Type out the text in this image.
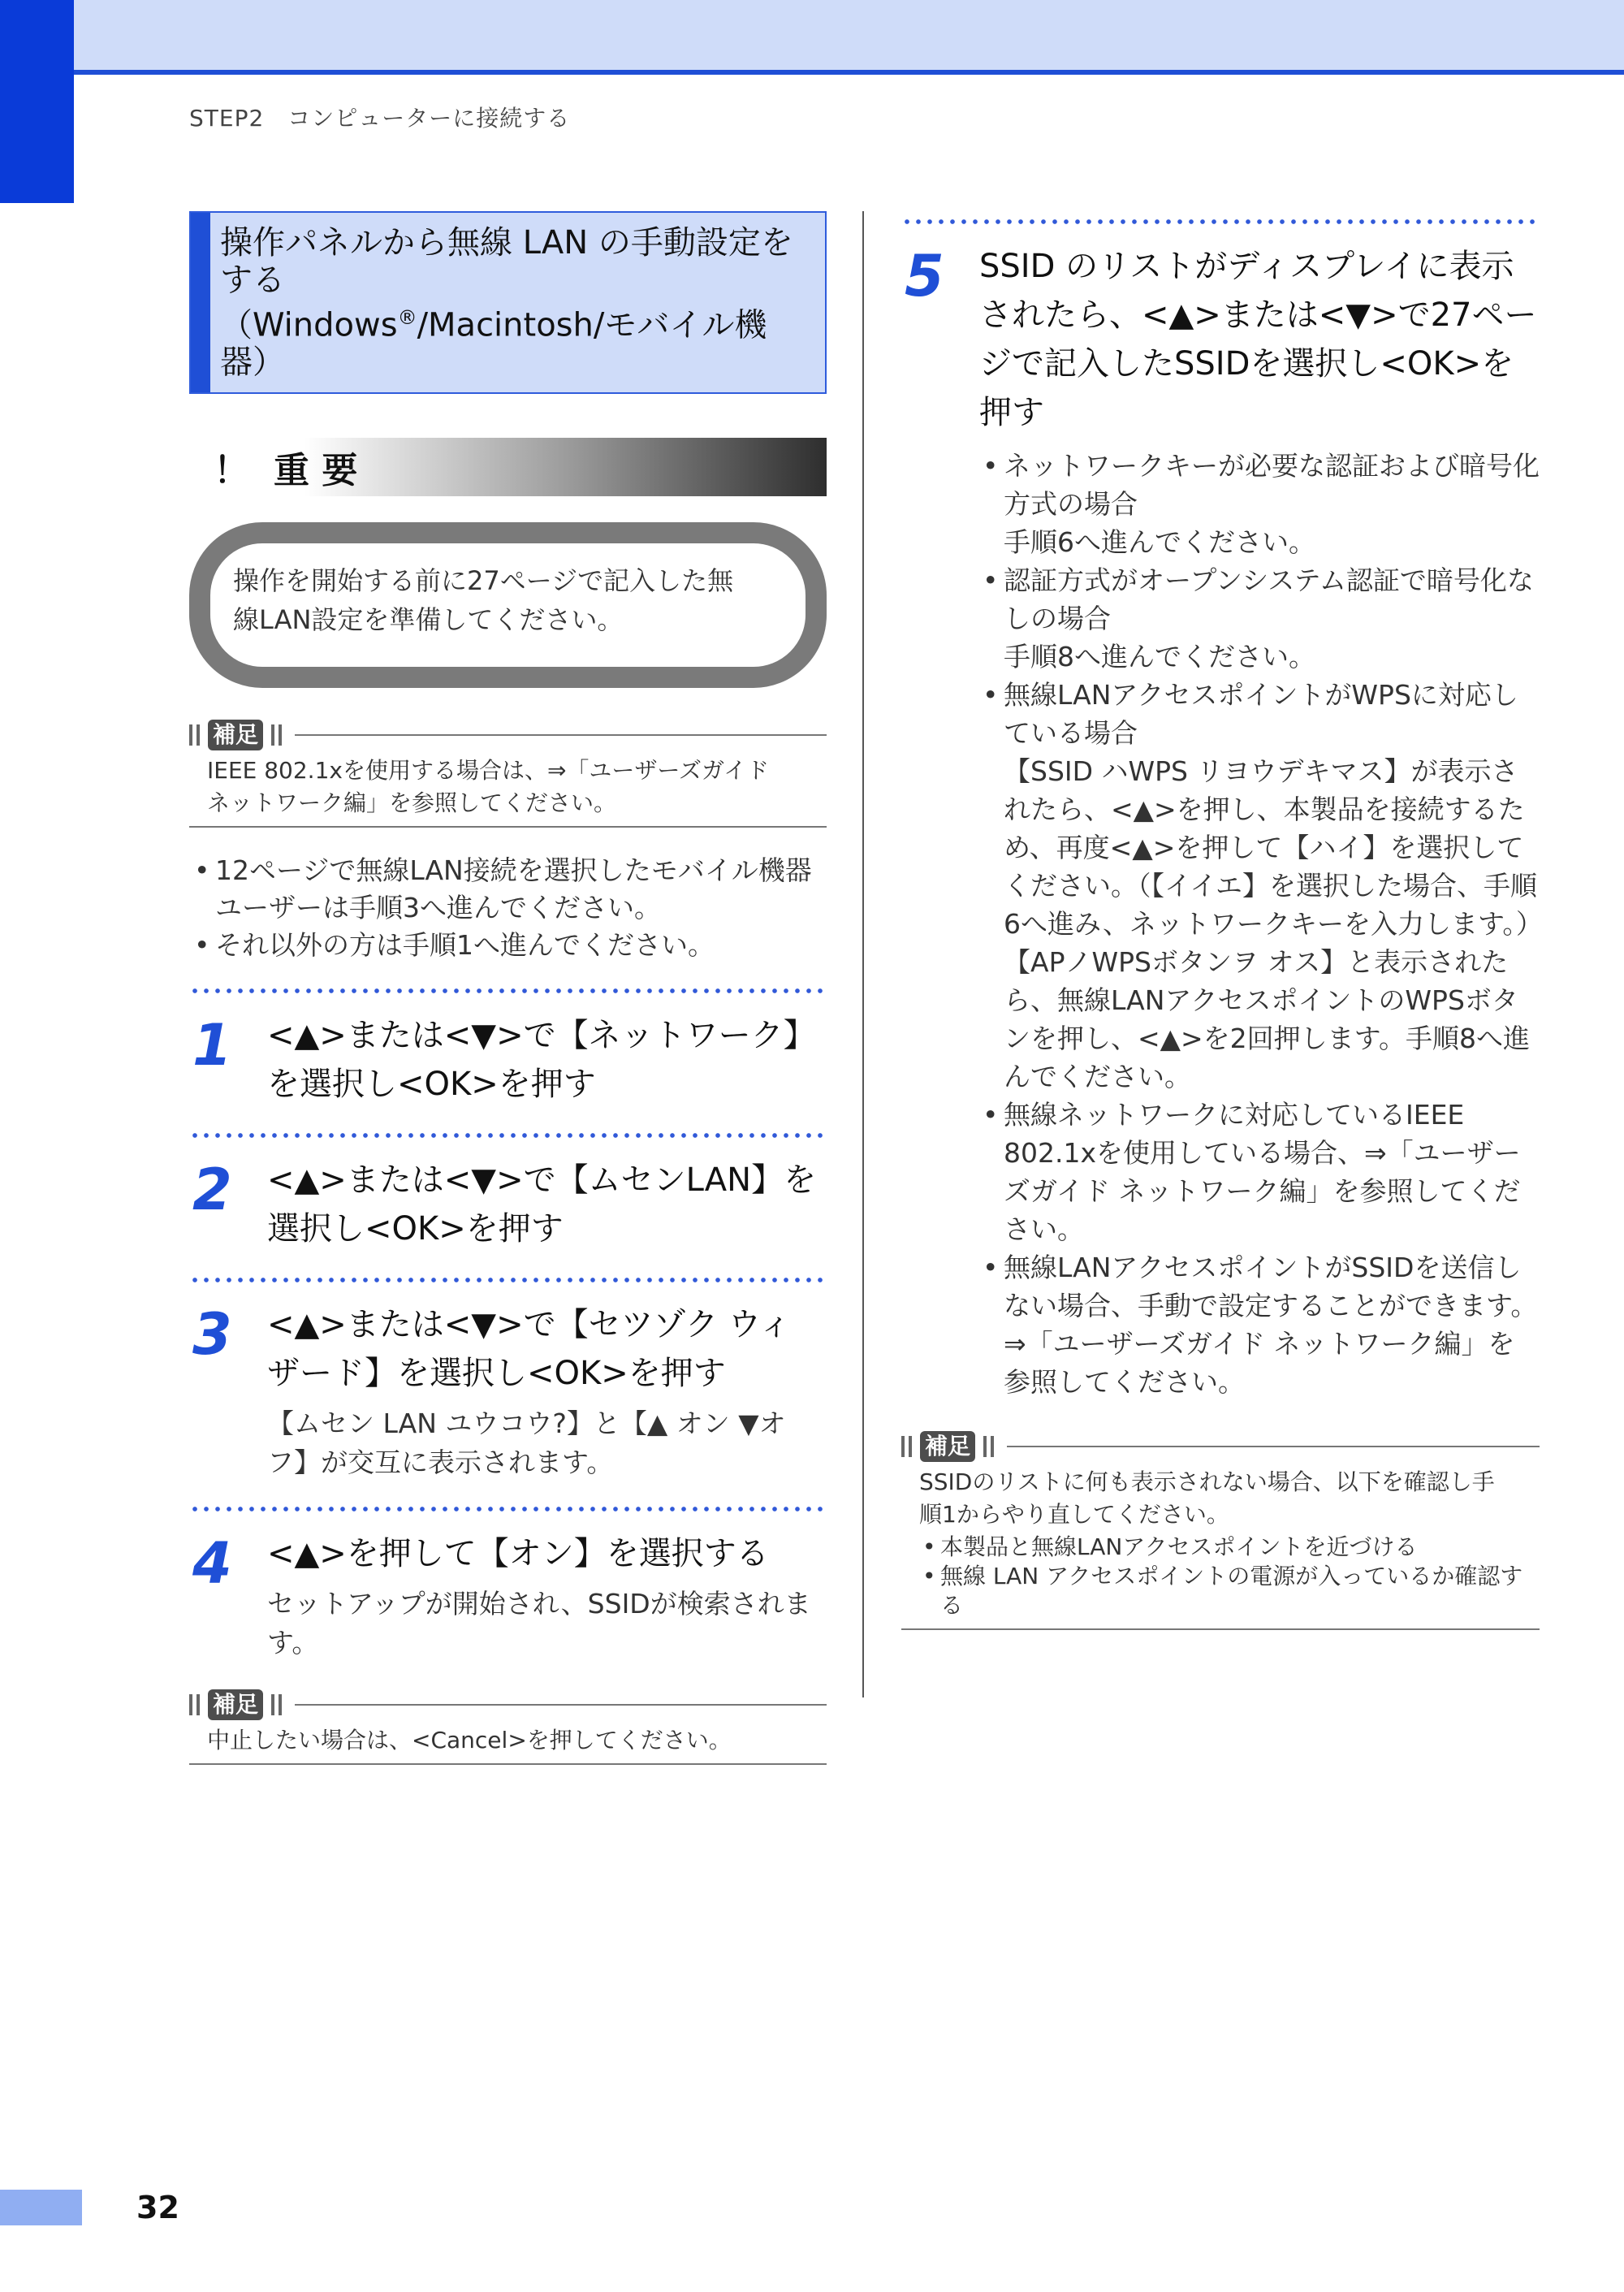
STEP2　コンピューターに接続する
操作パネルから無線 LAN の手動設定を
する
（Windows®/Macintosh/モバイル機器）
！ 重 要

操作を開始する前に27ページで記入した無

線LAN設定を準備してください。

補足
IEEE 802.1xを使用する場合は、⇒「ユーザーズガイド
ネットワーク編」を参照してください。
• 12ページで無線LAN接続を選択したモバイル機器ユーザーは手順3へ進んでください。
• それ以外の方は手順1へ進んでください。
1	<▲>または<▼>で【ネットワーク】
を選択し<OK>を押す
2	<▲>または<▼>で【ムセンLAN】を
選択し<OK>を押す
3	<▲>または<▼>で【セツゾク ウィ
ザード】を選択し<OK>を押す
【ムセン LAN ユウコウ?】と【▲ オン ▼オ
フ】が交互に表示されます。
4	<▲>を押して【オン】を選択する
セットアップが開始され、SSIDが検索されま
す。
補足
中止したい場合は、<Cancel>を押してください。
5	SSID のリストがディスプレイに表示
されたら、<▲>または<▼>で27ペー
ジで記入したSSIDを選択し<OK>を
押す
• ネットワークキーが必要な認証および暗号化方式の場合
手順6へ進んでください。
• 認証方式がオープンシステム認証で暗号化なしの場合
手順8へ進んでください。
• 無線LANアクセスポイントがWPSに対応している場合
【SSID ハWPS リヨウデキマス】が表示されたら、<▲>を押し、本製品を接続するため、再度<▲>を押して【ハイ】を選択してください。（【イイエ】を選択した場合、手順6へ進み、ネットワークキーを入力します。）【APノWPSボタンヲ オス】と表示されたら、無線LANアクセスポイントのWPSボタンを押し、<▲>を2回押します。手順8へ進んでください。
• 無線ネットワークに対応しているIEEE 802.1xを使用している場合、⇒「ユーザーズガイド ネットワーク編」を参照してください。
• 無線LANアクセスポイントがSSIDを送信しない場合、手動で設定することができます。⇒「ユーザーズガイド ネットワーク編」を参照してください。
補足
SSIDのリストに何も表示されない場合、以下を確認し手
順1からやり直してください。
• 本製品と無線LANアクセスポイントを近づける
• 無線 LAN アクセスポイントの電源が入っているか確認する
32
